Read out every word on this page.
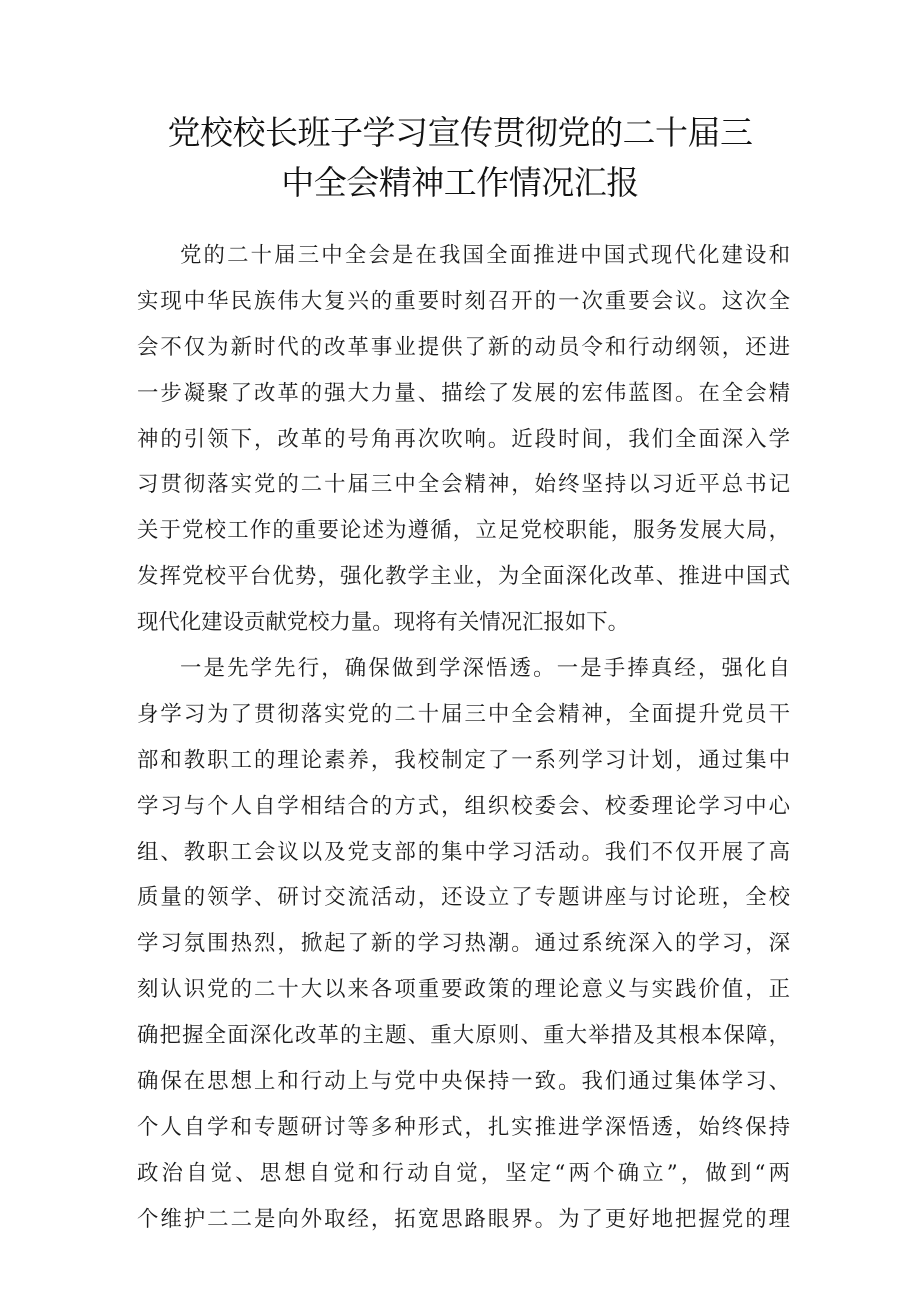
党校校长班子学习宣传贯彻党的二十届三
中全会精神工作情况汇报
党的二十届三中全会是在我国全面推进中国式现代化建设和
实现中华民族伟大复兴的重要时刻召开的一次重要会议。这次全
会不仅为新时代的改革事业提供了新的动员令和行动纲领，还进
一步凝聚了改革的强大力量、描绘了发展的宏伟蓝图。在全会精
神的引领下，改革的号角再次吹响。近段时间，我们全面深入学
习贯彻落实党的二十届三中全会精神，始终坚持以习近平总书记
关于党校工作的重要论述为遵循，立足党校职能，服务发展大局，
发挥党校平台优势，强化教学主业，为全面深化改革、推进中国式
现代化建设贡献党校力量。现将有关情况汇报如下。
一是先学先行，确保做到学深悟透。一是手捧真经，强化自
身学习为了贯彻落实党的二十届三中全会精神，全面提升党员干
部和教职工的理论素养，我校制定了一系列学习计划，通过集中
学习与个人自学相结合的方式，组织校委会、校委理论学习中心
组、教职工会议以及党支部的集中学习活动。我们不仅开展了高
质量的领学、研讨交流活动，还设立了专题讲座与讨论班，全校
学习氛围热烈，掀起了新的学习热潮。通过系统深入的学习，深
刻认识党的二十大以来各项重要政策的理论意义与实践价值，正
确把握全面深化改革的主题、重大原则、重大举措及其根本保障，
确保在思想上和行动上与党中央保持一致。我们通过集体学习、
个人自学和专题研讨等多种形式，扎实推进学深悟透，始终保持
政治自觉、思想自觉和行动自觉，坚定“两个确立”，做到“两
个维护二二是向外取经，拓宽思路眼界。为了更好地把握党的理
